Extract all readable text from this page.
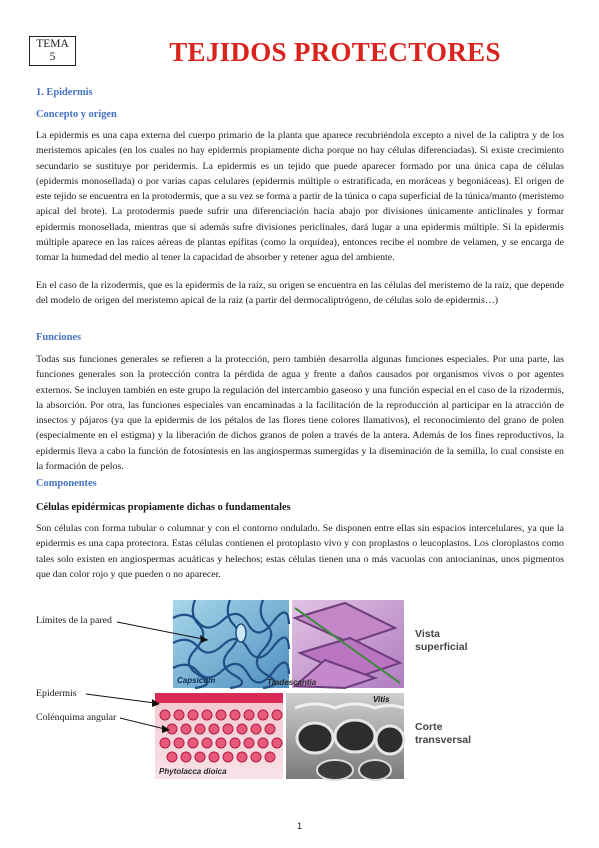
TEMA
5	TEJIDOS PROTECTORES
1. Epidermis
Concepto y origen
La epidermis es una capa externa del cuerpo primario de la planta que aparece recubriéndola excepto a nivel de la caliptra y de los meristemos apicales (en los cuales no hay epidermis propiamente dicha porque no hay células diferenciadas). Si existe crecimiento secundario se sustituye por peridermis. La epidermis es un tejido que puede aparecer formado por una única capa de células (epidermis monosellada) o por varias capas celulares (epidermis múltiple o estratificada, en moráceas y begoniáceas). El origen de este tejido se encuentra en la protodermis, que a su vez se forma a partir de la túnica o capa superficial de la túnica/manto (meristemo apical del brote). La protodermis puede sufrir una diferenciación hacia abajo por divisiones únicamente anticlinales y formar epidermis monosellada, mientras que si además sufre divisiones periclinales, dará lugar a una epidermis múltiple. Si la epidermis múltiple aparece en las raíces aéreas de plantas epífitas (como la orquídea), entonces recibe el nombre de velamen, y se encarga de tomar la humedad del medio al tener la capacidad de absorber y retener agua del ambiente.
En el caso de la rizodermis, que es la epidermis de la raíz, su origen se encuentra en las células del meristemo de la raíz, que depende del modelo de origen del meristemo apical de la raíz (a partir del dermocaliptrógeno, de células solo de epidermis…)
Funciones
Todas sus funciones generales se refieren a la protección, pero también desarrolla algunas funciones especiales. Por una parte, las funciones generales son la protección contra la pérdida de agua y frente a daños causados por organismos vivos o por agentes externos. Se incluyen también en este grupo la regulación del intercambio gaseoso y una función especial en el caso de la rizodermis, la absorción. Por otra, las funciones especiales van encaminadas a la facilitación de la reproducción al participar en la atracción de insectos y pájaros (ya que la epidermis de los pétalos de las flores tiene colores llamativos), el reconocimiento del grano de polen (especialmente en el estigma) y la liberación de dichos granos de polen a través de la antera. Además de los fines reproductivos, la epidermis lleva a cabo la función de fotosíntesis en las angiospermas sumergidas y la diseminación de la semilla, lo cual consiste en la formación de pelos.
Componentes
Células epidérmicas propiamente dichas o fundamentales
Son células con forma tubular o columnar y con el contorno ondulado. Se disponen entre ellas sin espacios intercelulares, ya que la epidermis es una capa protectora. Estas células contienen el protoplasto vivo y con proplastos o leucoplastos. Los cloroplastos como tales solo existen en angiospermas acuáticas y helechos; estas células tienen una o más vacuolas con antocianinas, unos pigmentos que dan color rojo y que pueden o no aparecer.
Capsicum	Tradescantia
Vitis
Phytolacca dioica
Límites de la pared
Epidermis
Colénquima angular
Vista superficial
Corte transversal
1
